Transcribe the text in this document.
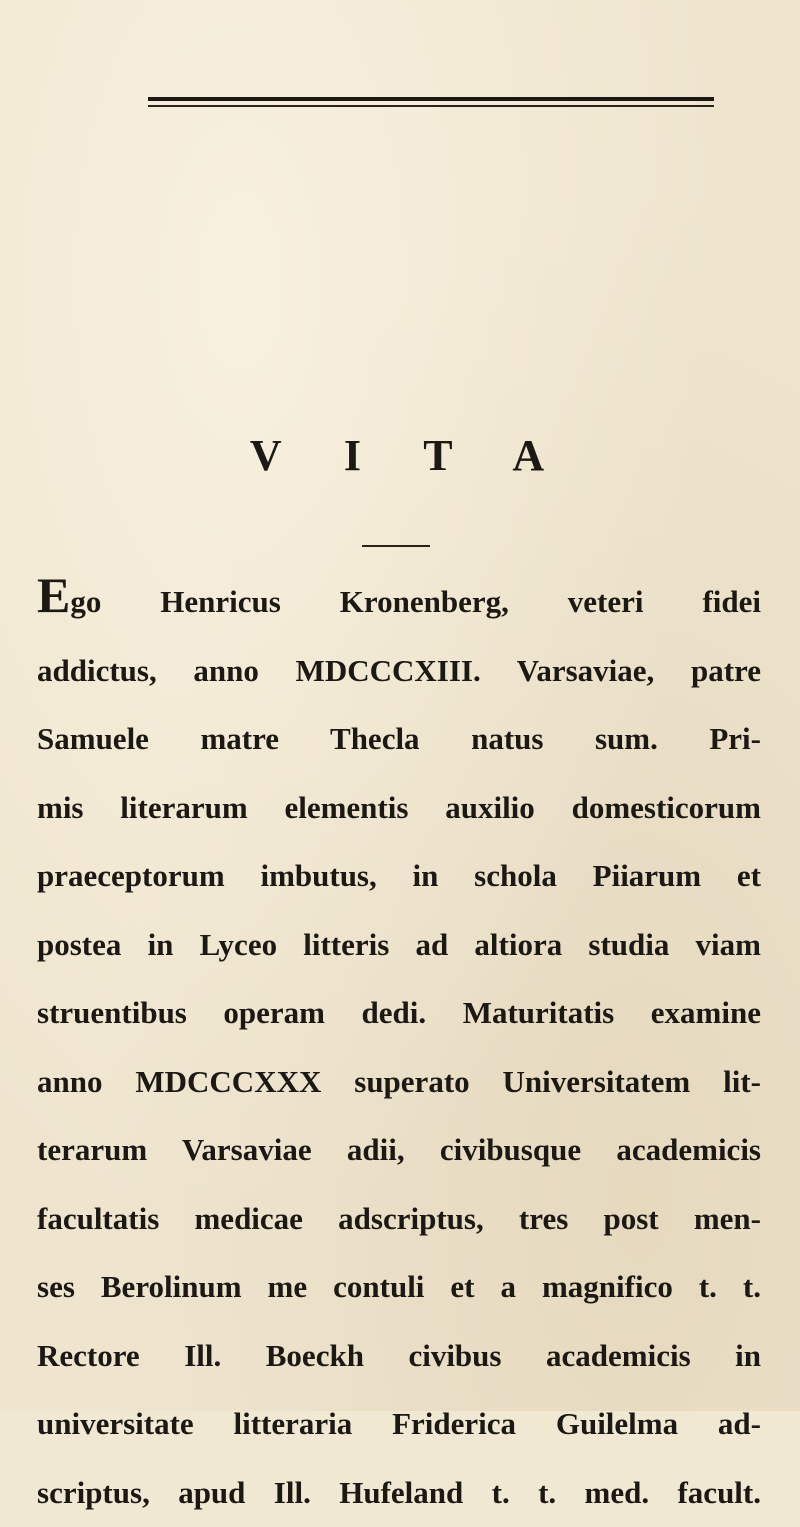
V I T A
Ego Henricus Kronenberg, veteri fidei
addictus, anno MDCCCXIII. Varsaviae, patre
Samuele matre Thecla natus sum. Pri-
mis literarum elementis auxilio domesticorum
praeceptorum imbutus, in schola Piiarum et
postea in Lyceo litteris ad altiora studia viam
struentibus operam dedi. Maturitatis examine
anno MDCCCXXX superato Universitatem lit-
terarum Varsaviae adii, civibusque academicis
facultatis medicae adscriptus, tres post men-
ses Berolinum me contuli et a magnifico t. t.
Rectore Ill. Boeckh civibus academicis in
universitate litteraria Friderica Guilelma ad-
scriptus, apud Ill. Hufeland t. t. med. facult.
